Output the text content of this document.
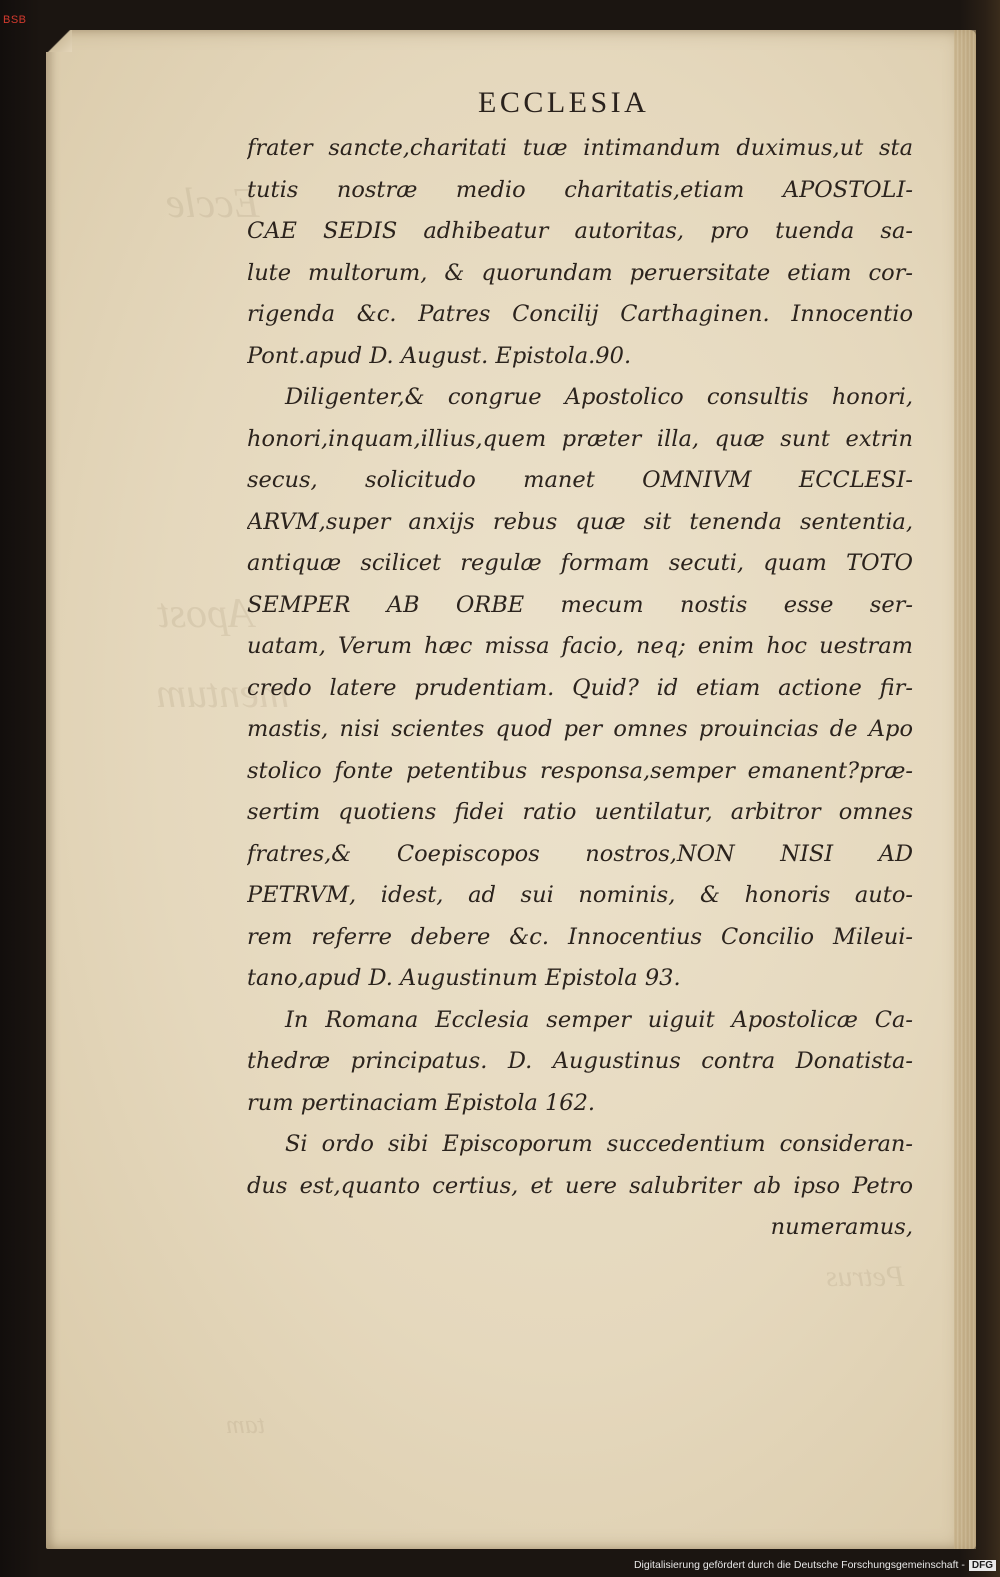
BSB
Eccle
Apost
mentum
Petrus
tam
ECCLESIA
frater sancte,charitati tuæ intimandum duximus,ut sta
tutis nostræ medio charitatis,etiam APOSTOLI-
CAE SEDIS adhibeatur autoritas, pro tuenda sa-
lute multorum, & quorundam peruersitate etiam cor-
rigenda &c. Patres Concilij Carthaginen. Innocentio
Pont.apud D. August. Epistola.90.
Diligenter,& congrue Apostolico consultis honori,
honori,inquam,illius,quem præter illa, quæ sunt extrin
secus, solicitudo manet OMNIVM ECCLESI-
ARVM,super anxijs rebus quæ sit tenenda sententia,
antiquæ scilicet regulæ formam secuti, quam TOTO
SEMPER AB ORBE mecum nostis esse ser-
uatam, Verum hæc missa facio, neq; enim hoc uestram
credo latere prudentiam. Quid? id etiam actione fir-
mastis, nisi scientes quod per omnes prouincias de Apo
stolico fonte petentibus responsa,semper emanent?præ-
sertim quotiens fidei ratio uentilatur, arbitror omnes
fratres,& Coepiscopos nostros,NON NISI AD
PETRVM, idest, ad sui nominis, & honoris auto-
rem referre debere &c. Innocentius Concilio Mileui-
tano,apud D. Augustinum Epistola 93.
In Romana Ecclesia semper uiguit Apostolicæ Ca-
thedræ principatus. D. Augustinus contra Donatista-
rum pertinaciam Epistola 162.
Si ordo sibi Episcoporum succedentium consideran-
dus est,quanto certius, et uere salubriter ab ipso Petro
numeramus,
Digitalisierung gefördert durch die Deutsche Forschungsgemeinschaft - DFG
